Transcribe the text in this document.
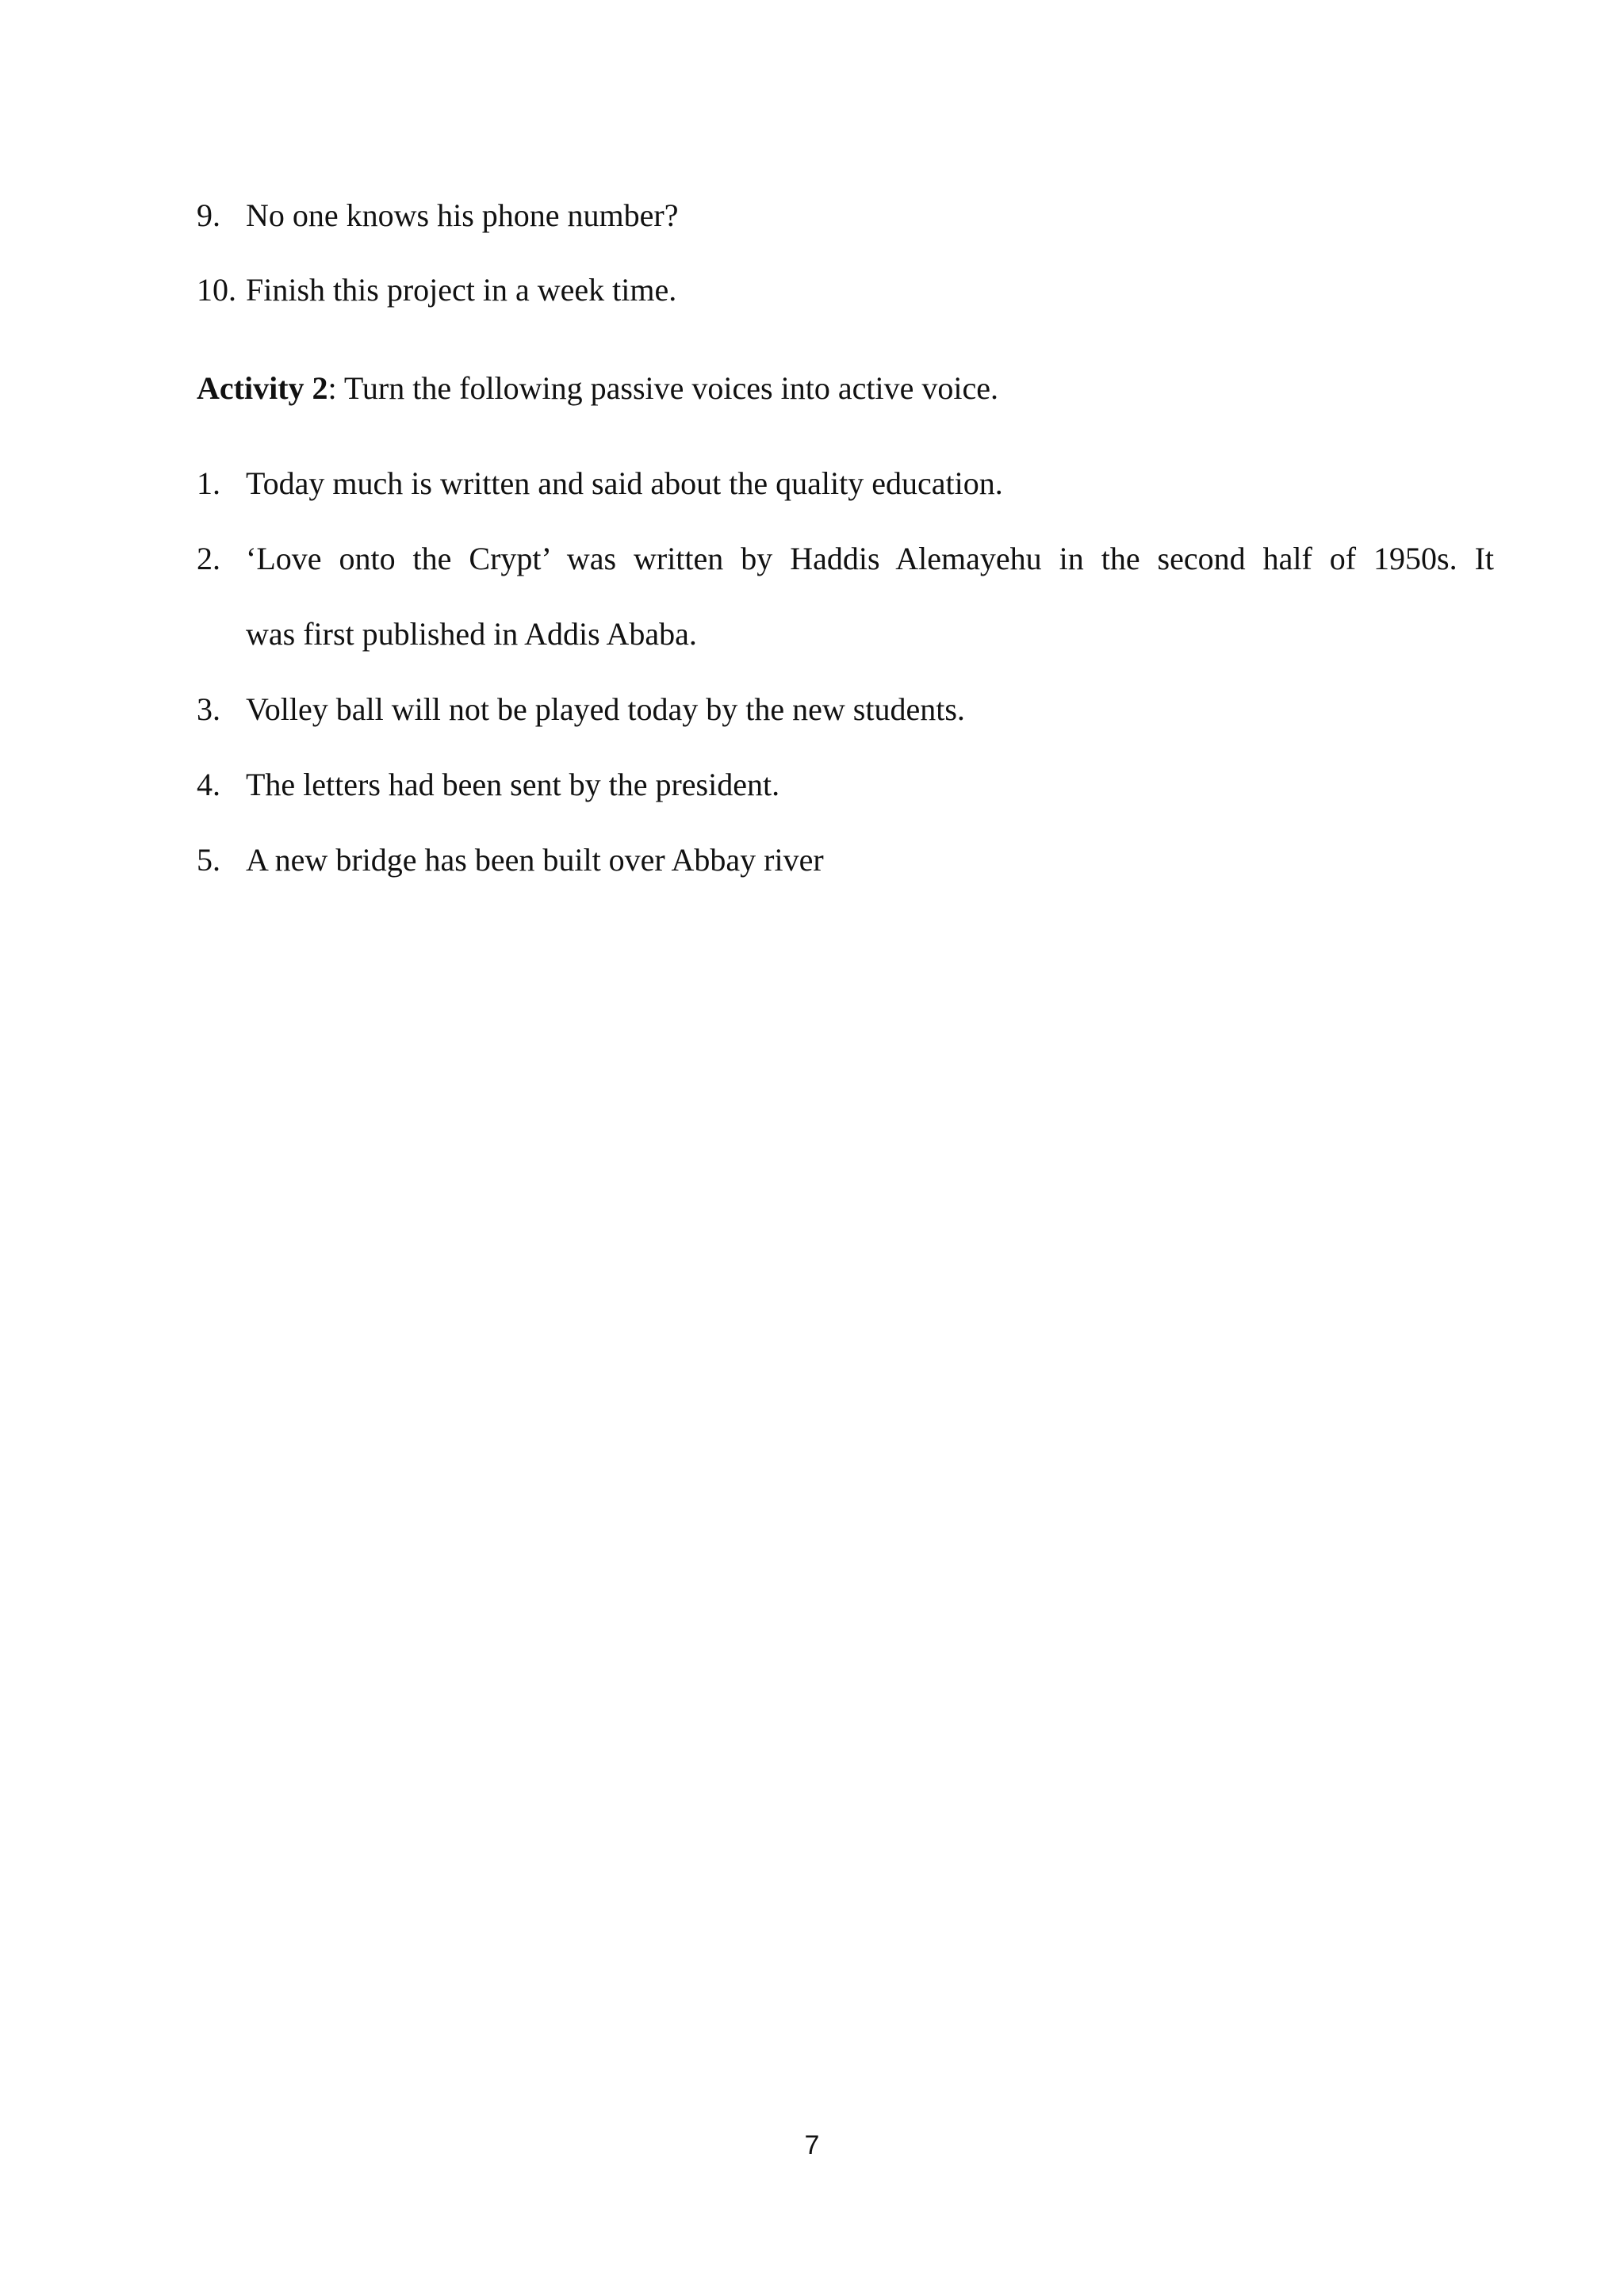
9. No one knows his phone number?
10. Finish this project in a week time.
Activity 2: Turn the following passive voices into active voice.
1. Today much is written and said about the quality education.
2. ‘Love onto the Crypt’ was written by Haddis Alemayehu in the second half of 1950s. It
was first published in Addis Ababa.
3. Volley ball will not be played today by the new students.
4. The letters had been sent by the president.
5. A new bridge has been built over Abbay river
7
